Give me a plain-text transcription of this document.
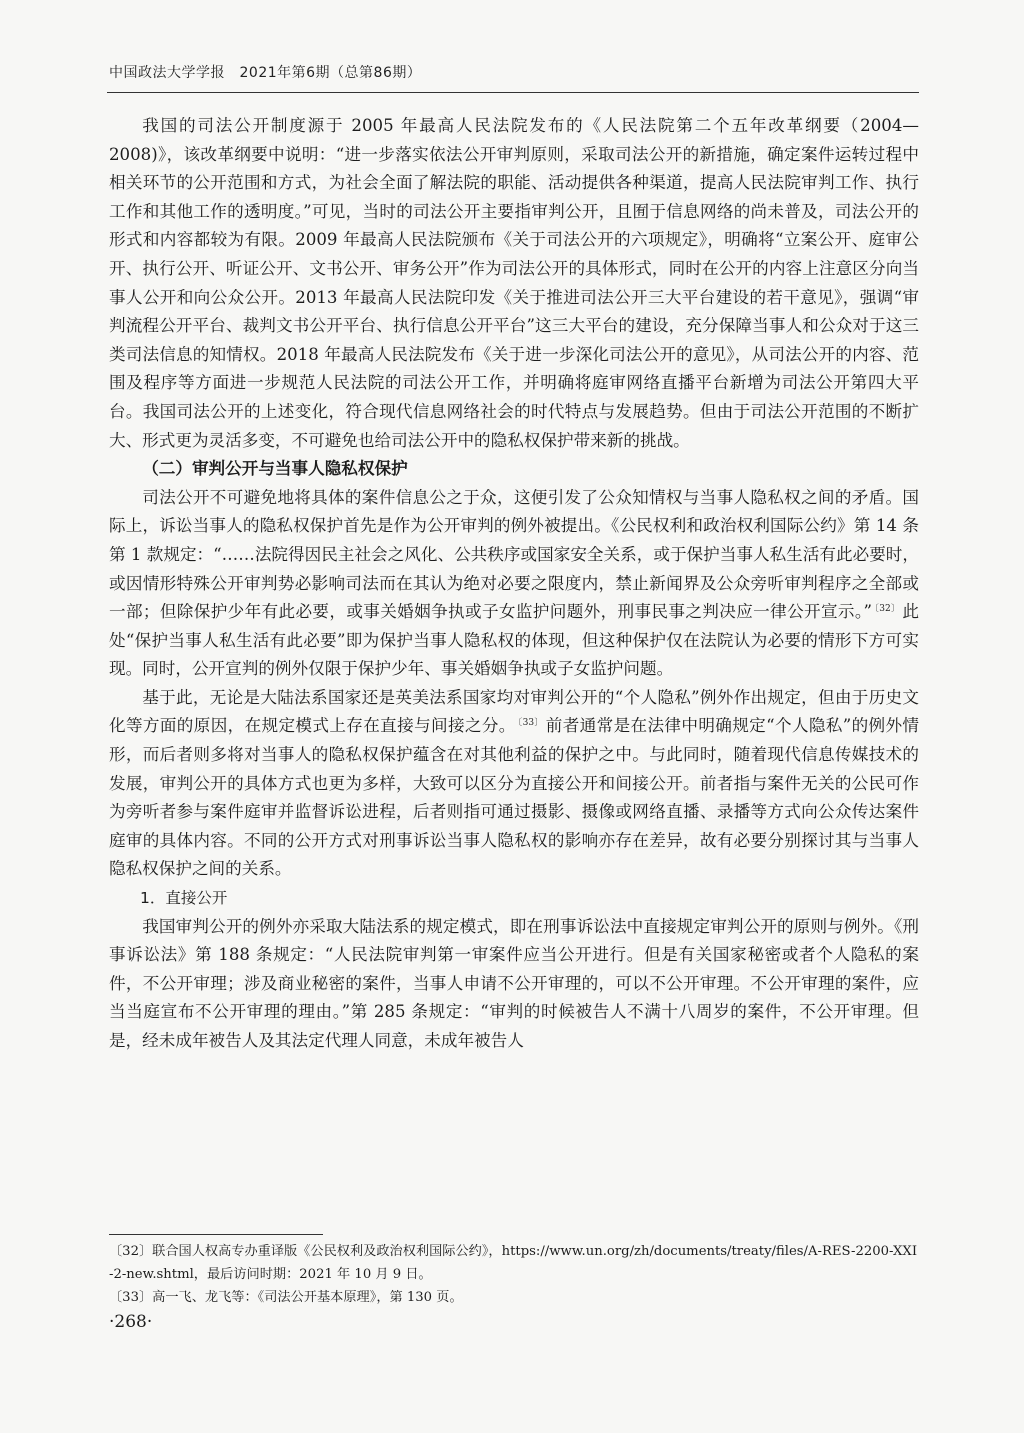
中国政法大学学报　2021年第6期（总第86期）

我国的司法公开制度源于 2005 年最高人民法院发布的《人民法院第二个五年改革纲要（2004—2008)》，该改革纲要中说明：“进一步落实依法公开审判原则，采取司法公开的新措施，确定案件运转过程中相关环节的公开范围和方式，为社会全面了解法院的职能、活动提供各种渠道，提高人民法院审判工作、执行工作和其他工作的透明度。”可见，当时的司法公开主要指审判公开，且囿于信息网络的尚未普及，司法公开的形式和内容都较为有限。2009 年最高人民法院颁布《关于司法公开的六项规定》，明确将“立案公开、庭审公开、执行公开、听证公开、文书公开、审务公开”作为司法公开的具体形式，同时在公开的内容上注意区分向当事人公开和向公众公开。2013 年最高人民法院印发《关于推进司法公开三大平台建设的若干意见》，强调“审判流程公开平台、裁判文书公开平台、执行信息公开平台”这三大平台的建设，充分保障当事人和公众对于这三类司法信息的知情权。2018 年最高人民法院发布《关于进一步深化司法公开的意见》，从司法公开的内容、范围及程序等方面进一步规范人民法院的司法公开工作，并明确将庭审网络直播平台新增为司法公开第四大平台。我国司法公开的上述变化，符合现代信息网络社会的时代特点与发展趋势。但由于司法公开范围的不断扩大、形式更为灵活多变，不可避免也给司法公开中的隐私权保护带来新的挑战。

（二）审判公开与当事人隐私权保护

司法公开不可避免地将具体的案件信息公之于众，这便引发了公众知情权与当事人隐私权之间的矛盾。国际上，诉讼当事人的隐私权保护首先是作为公开审判的例外被提出。《公民权利和政治权利国际公约》第 14 条第 1 款规定：“……法院得因民主社会之风化、公共秩序或国家安全关系，或于保护当事人私生活有此必要时，或因情形特殊公开审判势必影响司法而在其认为绝对必要之限度内，禁止新闻界及公众旁听审判程序之全部或一部；但除保护少年有此必要，或事关婚姻争执或子女监护问题外，刑事民事之判决应一律公开宣示。” $^{〔32〕}$ 此处“保护当事人私生活有此必要”即为保护当事人隐私权的体现，但这种保护仅在法院认为必要的情形下方可实现。同时，公开宣判的例外仅限于保护少年、事关婚姻争执或子女监护问题。

基于此，无论是大陆法系国家还是英美法系国家均对审判公开的“个人隐私”例外作出规定，但由于历史文化等方面的原因，在规定模式上存在直接与间接之分。 $^{〔33〕}$ 前者通常是在法律中明确规定“个人隐私”的例外情形，而后者则多将对当事人的隐私权保护蕴含在对其他利益的保护之中。与此同时，随着现代信息传媒技术的发展，审判公开的具体方式也更为多样，大致可以区分为直接公开和间接公开。前者指与案件无关的公民可作为旁听者参与案件庭审并监督诉讼进程，后者则指可通过摄影、摄像或网络直播、录播等方式向公众传达案件庭审的具体内容。不同的公开方式对刑事诉讼当事人隐私权的影响亦存在差异，故有必要分别探讨其与当事人隐私权保护之间的关系。

1．直接公开

我国审判公开的例外亦采取大陆法系的规定模式，即在刑事诉讼法中直接规定审判公开的原则与例外。《刑事诉讼法》第 188 条规定：“人民法院审判第一审案件应当公开进行。但是有关国家秘密或者个人隐私的案件，不公开审理；涉及商业秘密的案件，当事人申请不公开审理的，可以不公开审理。不公开审理的案件，应当当庭宣布不公开审理的理由。”第 285 条规定：“审判的时候被告人不满十八周岁的案件，不公开审理。但是，经未成年被告人及其法定代理人同意，未成年被告人

〔32〕联合国人权高专办重译版《公民权利及政治权利国际公约》，https://www.un.org/zh/documents/treaty/files/A-RES-2200-XXI-2-new.shtml，最后访问时期：2021 年 10 月 9 日。
〔33〕高一飞、龙飞等：《司法公开基本原理》，第 130 页。
·268·
